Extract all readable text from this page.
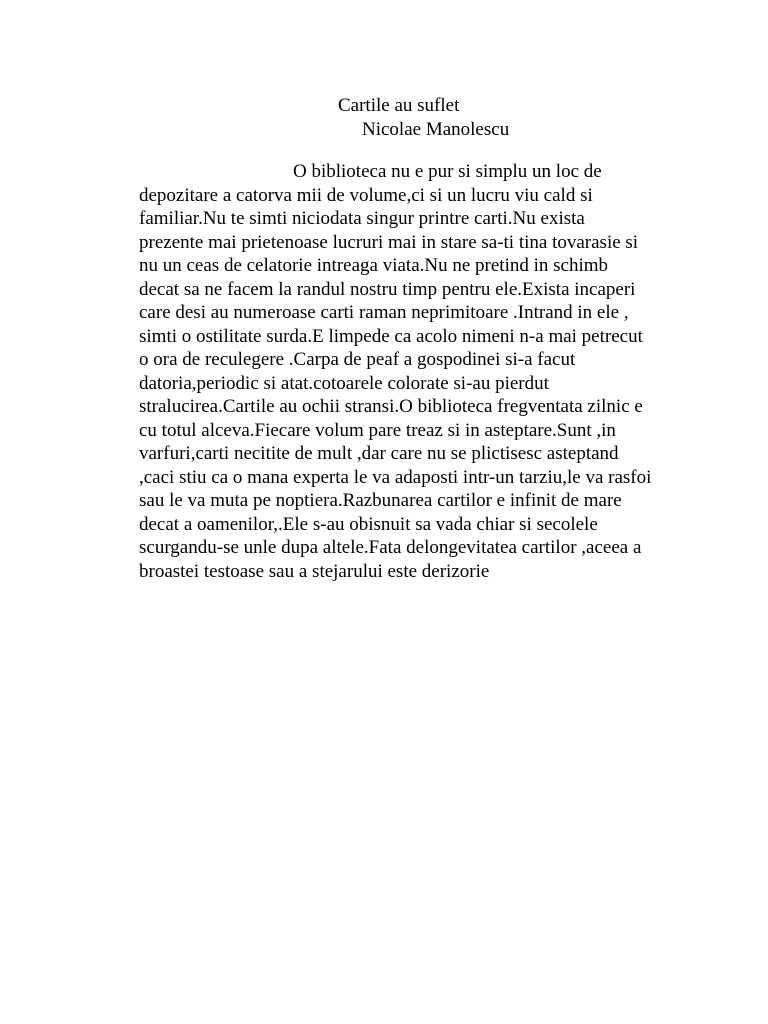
Cartile au suflet
Nicolae Manolescu
O biblioteca nu e pur si simplu un loc de
depozitare a catorva mii de volume,ci si un lucru viu cald si
familiar.Nu te simti niciodata singur printre carti.Nu exista
prezente mai prietenoase lucruri mai in stare sa-ti tina tovarasie si
nu un ceas de celatorie intreaga viata.Nu ne pretind in schimb
decat sa ne facem la randul nostru timp pentru ele.Exista incaperi
care desi au numeroase carti raman neprimitoare .Intrand in ele ,
simti o ostilitate surda.E limpede ca acolo nimeni n-a mai petrecut
o ora de reculegere .Carpa de peaf a gospodinei si-a facut
datoria,periodic si atat.cotoarele colorate si-au pierdut
stralucirea.Cartile au ochii stransi.O biblioteca fregventata zilnic e
cu totul alceva.Fiecare volum pare treaz si in asteptare.Sunt ,in
varfuri,carti necitite de mult ,dar care nu se plictisesc asteptand
,caci stiu ca o mana experta le va adaposti intr-un tarziu,le va rasfoi
sau le va muta pe noptiera.Razbunarea cartilor e infinit de mare
decat a oamenilor,.Ele s-au obisnuit sa vada chiar si secolele
scurgandu-se unle dupa altele.Fata delongevitatea cartilor ,aceea a
broastei testoase sau a stejarului este derizorie
